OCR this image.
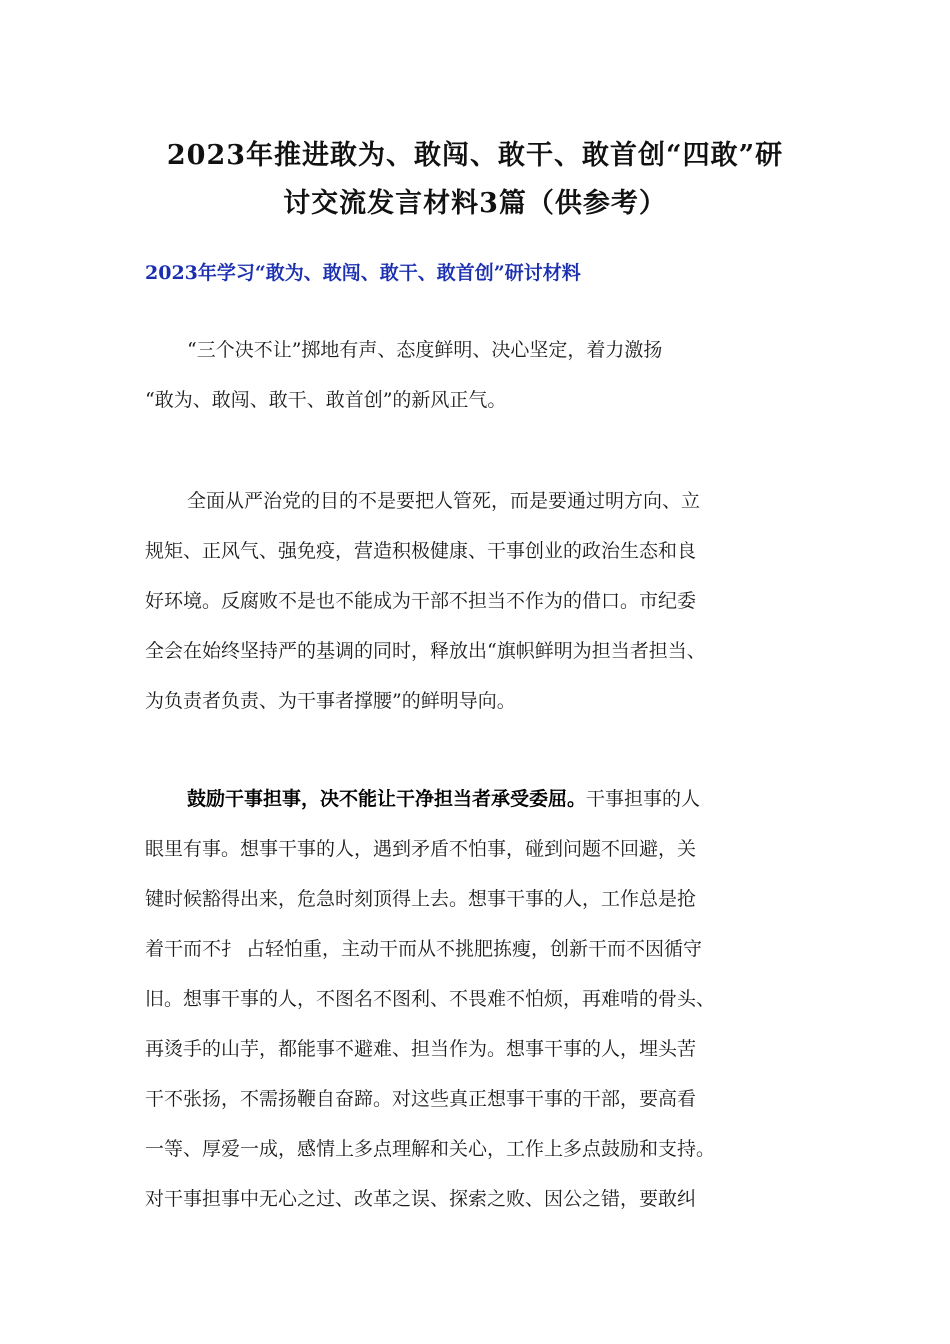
2023年推进敢为、敢闯、敢干、敢首创“四敢”研
讨交流发言材料3篇（供参考）
2023年学习“敢为、敢闯、敢干、敢首创”研讨材料
“三个决不让”掷地有声、态度鲜明、决心坚定，着力激扬
“敢为、敢闯、敢干、敢首创”的新风正气。
全面从严治党的目的不是要把人管死，而是要通过明方向、立
规矩、正风气、强免疫，营造积极健康、干事创业的政治生态和良
好环境。反腐败不是也不能成为干部不担当不作为的借口。市纪委
全会在始终坚持严的基调的同时，释放出“旗帜鲜明为担当者担当、
为负责者负责、为干事者撑腰”的鲜明导向。
鼓励干事担事，决不能让干净担当者承受委屈。干事担事的人
眼里有事。想事干事的人，遇到矛盾不怕事，碰到问题不回避，关
键时候豁得出来，危急时刻顶得上去。想事干事的人，工作总是抢
着干而不扌 占轻怕重，主动干而从不挑肥拣瘦，创新干而不因循守
旧。想事干事的人，不图名不图利、不畏难不怕烦，再难啃的骨头、
再烫手的山芋，都能事不避难、担当作为。想事干事的人，埋头苦
干不张扬，不需扬鞭自奋蹄。对这些真正想事干事的干部，要高看
一等、厚爱一成，感情上多点理解和关心，工作上多点鼓励和支持。
对干事担事中无心之过、改革之误、探索之败、因公之错，要敢纠
